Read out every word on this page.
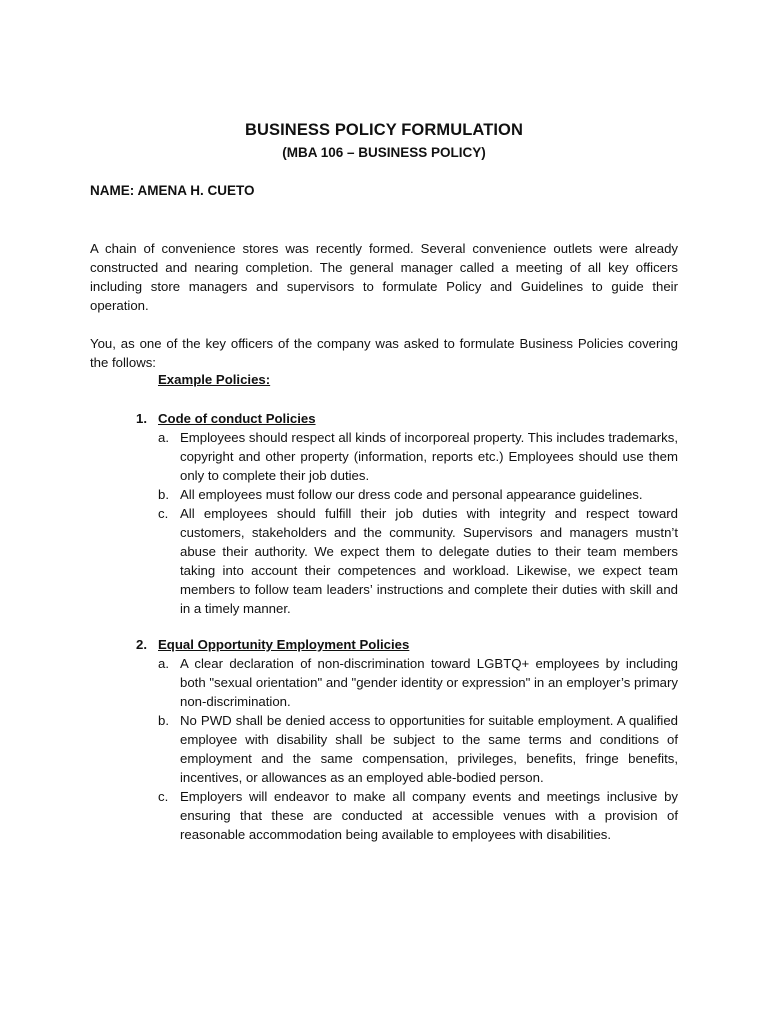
BUSINESS POLICY FORMULATION
(MBA 106 – BUSINESS POLICY)
NAME: AMENA H. CUETO

A chain of convenience stores was recently formed. Several convenience outlets were already constructed and nearing completion. The general manager called a meeting of all key officers including store managers and supervisors to formulate Policy and Guidelines to guide their operation.

You, as one of the key officers of the company was asked to formulate Business Policies covering the follows:

Example Policies:
1. Code of conduct Policies
a. Employees should respect all kinds of incorporeal property. This includes trademarks, copyright and other property (information, reports etc.) Employees should use them only to complete their job duties.
b. All employees must follow our dress code and personal appearance guidelines.
c. All employees should fulfill their job duties with integrity and respect toward customers, stakeholders and the community. Supervisors and managers mustn’t abuse their authority. We expect them to delegate duties to their team members taking into account their competences and workload. Likewise, we expect team members to follow team leaders’ instructions and complete their duties with skill and in a timely manner.
2. Equal Opportunity Employment Policies
a. A clear declaration of non-discrimination toward LGBTQ+ employees by including both "sexual orientation" and "gender identity or expression" in an employer’s primary non-discrimination.
b. No PWD shall be denied access to opportunities for suitable employment. A qualified employee with disability shall be subject to the same terms and conditions of employment and the same compensation, privileges, benefits, fringe benefits, incentives, or allowances as an employed able-bodied person.
c. Employers will endeavor to make all company events and meetings inclusive by ensuring that these are conducted at accessible venues with a provision of reasonable accommodation being available to employees with disabilities.
